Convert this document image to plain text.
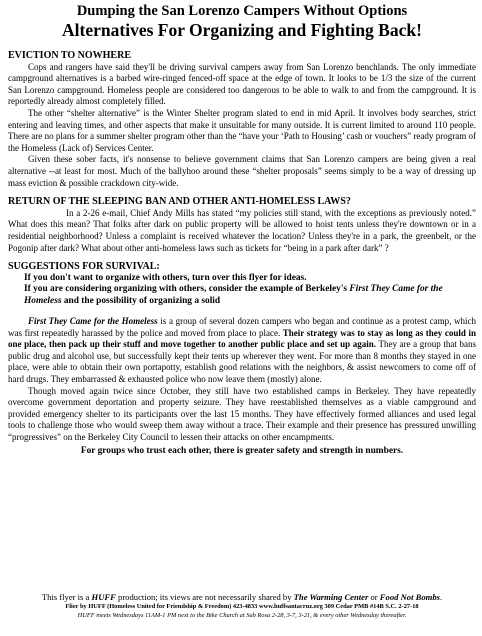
Dumping the San Lorenzo Campers Without Options
Alternatives For Organizing and Fighting Back!

EVICTION TO NOWHERE

Cops and rangers have said they'll be driving survival campers away from San Lorenzo benchlands. The only immediate campground alternatives is a barbed wire-ringed fenced-off space at the edge of town. It looks to be 1/3 the size of the current San Lorenzo campground. Homeless people are considered too dangerous to be able to walk to and from the campground. It is reportedly already almost completely filled.

The other “shelter alternative” is the Winter Shelter program slated to end in mid April. It involves body searches, strict entering and leaving times, and other aspects that make it unsuitable for many outside. It is current limited to around 110 people. There are no plans for a summer shelter program other than the “have your ‘Path to Housing’ cash or vouchers” ready program of the Homeless (Lack of) Services Center.

Given these sober facts, it's nonsense to believe government claims that San Lorenzo campers are being given a real alternative --at least for most. Much of the ballyhoo around these “shelter proposals” seems simply to be a way of dressing up mass eviction & possible crackdown city-wide.

RETURN OF THE SLEEPING BAN AND OTHER ANTI-HOMELESS LAWS?

In a 2-26 e-mail, Chief Andy Mills has stated “my policies still stand, with the exceptions as previously noted.” What does this mean? That folks after dark on public property will be allowed to hoist tents unless they're downtown or in a residential neighborhood? Unless a complaint is received whatever the location? Unless they're in a park, the greenbelt, or the Pogonip after dark? What about other anti-homeless laws such as tickets for “being in a park after dark” ?

SUGGESTIONS FOR SURVIVAL:

If you don't want to organize with others, turn over this flyer for ideas.

If you are considering organizing with others, consider the example of Berkeley's First They Came for the Homeless and the possibility of organizing a solid

First They Came for the Homeless is a group of several dozen campers who began and continue as a protest camp, which was first repeatedly harassed by the police and moved from place to place. Their strategy was to stay as long as they could in one place, then pack up their stuff and move together to another public place and set up again. They are a group that bans public drug and alcohol use, but successfully kept their tents up wherever they went. For more than 8 months they stayed in one place, were able to obtain their own portapotty, establish good relations with the neighbors, & assist newcomers to come off of hard drugs. They embarrassed & exhausted police who now leave them (mostly) alone.

Though moved again twice since October, they still have two established camps in Berkeley. They have repeatedly overcome government deportation and property seizure. They have reestablished themselves as a viable campground and provided emergency shelter to its participants over the last 15 months. They have effectively formed alliances and used legal tools to challenge those who would sweep them away without a trace. Their example and their presence has pressured unwilling “progressives” on the Berkeley City Council to lessen their attacks on other encampments.

For groups who trust each other, there is greater safety and strength in numbers.

This flyer is a HUFF production; its views are not necessarily shared by The Warming Center or Food Not Bombs.
Flier by HUFF (Homeless United for Friendship & Freedom) 423-4833 www.huffsantacruz.org 309 Cedar PMB #14B S.C. 2-27-18
HUFF meets Wednesdays 11AM-1 PM next to the Bike Church at Sub Rosa 2-28, 3-7, 3-21, & every other Wednesday thereafter.
